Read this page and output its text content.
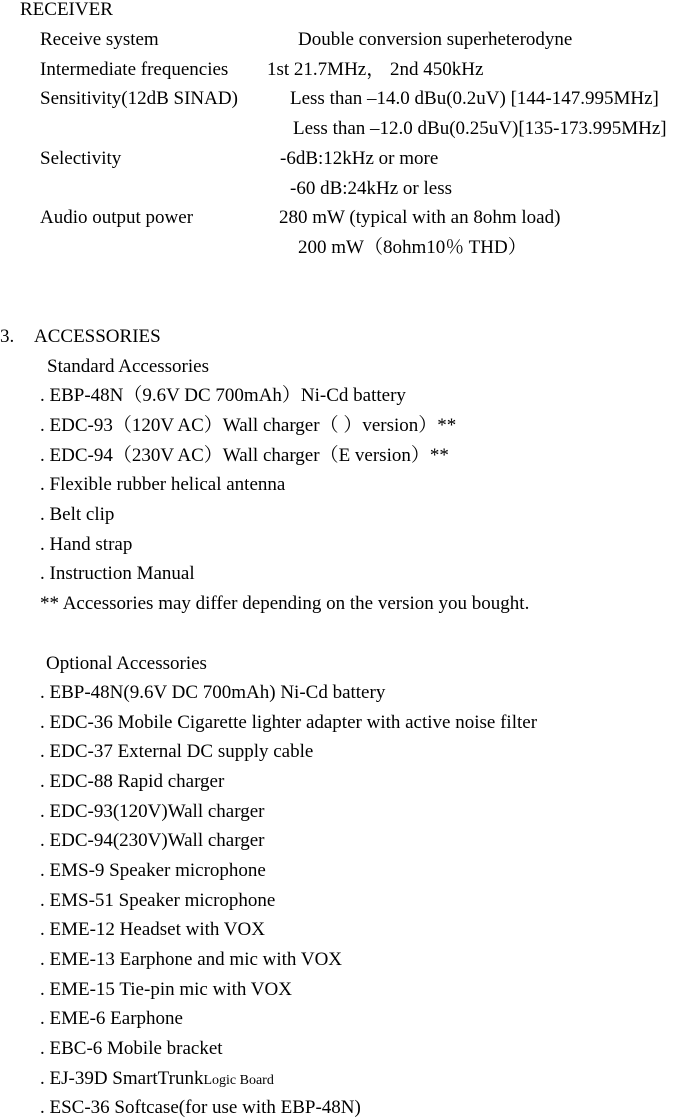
RECEIVER
Receive system	Double conversion superheterodyne
Intermediate frequencies 1st 21.7MHz， 2nd 450kHz
Sensitivity(12dB SINAD)	Less than –14.0 dBu(0.2uV) [144-147.995MHz]
Less than –12.0 dBu(0.25uV)[135-173.995MHz]
Selectivity	-6dB:12kHz or more
-60 dB:24kHz or less
Audio output power	280 mW (typical with an 8ohm load)
200 mW（8ohm10％ THD）
3. ACCESSORIES
Standard Accessories
. EBP-48N（9.6V DC 700mAh）Ni-Cd battery
. EDC-93（120V AC）Wall charger（ ）version）**
. EDC-94（230V AC）Wall charger（E version）**
. Flexible rubber helical antenna
. Belt clip
. Hand strap
. Instruction Manual
** Accessories may differ depending on the version you bought.
Optional Accessories
. EBP-48N(9.6V DC 700mAh) Ni-Cd battery
. EDC-36 Mobile Cigarette lighter adapter with active noise filter
. EDC-37 External DC supply cable
. EDC-88 Rapid charger
. EDC-93(120V)Wall charger
. EDC-94(230V)Wall charger
. EMS-9 Speaker microphone
. EMS-51 Speaker microphone
. EME-12 Headset with VOX
. EME-13 Earphone and mic with VOX
. EME-15 Tie-pin mic with VOX
. EME-6 Earphone
. EBC-6 Mobile bracket
. EJ-39D SmartTrunkLogic Board
. ESC-36 Softcase(for use with EBP-48N)
